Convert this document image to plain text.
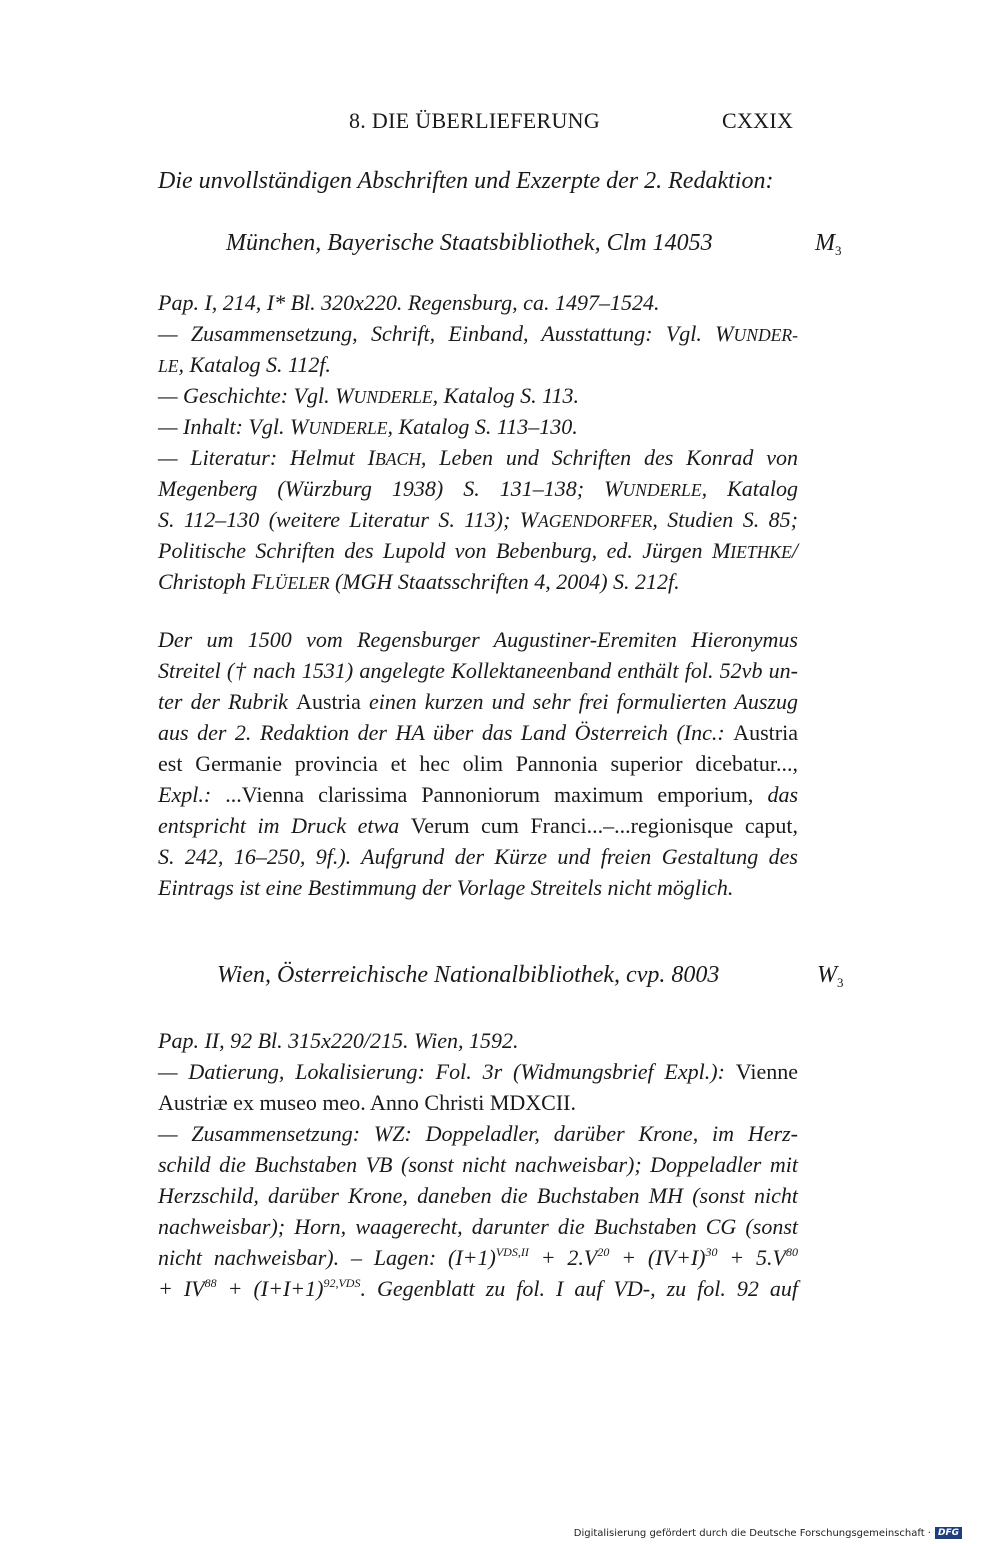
8. DIE ÜBERLIEFERUNG	CXXIX
Die unvollständigen Abschriften und Exzerpte der 2. Redaktion:
München, Bayerische Staatsbibliothek, Clm 14053	$M_3$
Pap. I, 214, I* Bl. 320x220. Regensburg, ca. 1497–1524.
— Zusammensetzung, Schrift, Einband, Ausstattung: Vgl. WUNDER-
LE, Katalog S. 112f.
— Geschichte: Vgl. WUNDERLE, Katalog S. 113.
— Inhalt: Vgl. WUNDERLE, Katalog S. 113–130.
— Literatur: Helmut IBACH, Leben und Schriften des Konrad von
Megenberg (Würzburg 1938) S. 131–138; WUNDERLE, Katalog
S. 112–130 (weitere Literatur S. 113); WAGENDORFER, Studien S. 85;
Politische Schriften des Lupold von Bebenburg, ed. Jürgen MIETHKE/
Christoph FLÜELER (MGH Staatsschriften 4, 2004) S. 212f.
Der um 1500 vom Regensburger Augustiner-Eremiten Hieronymus
Streitel († nach 1531) angelegte Kollektaneenband enthält fol. 52vb un-
ter der Rubrik Austria einen kurzen und sehr frei formulierten Auszug
aus der 2. Redaktion der HA über das Land Österreich (Inc.: Austria
est Germanie provincia et hec olim Pannonia superior dicebatur...,
Expl.: ...Vienna clarissima Pannoniorum maximum emporium, das
entspricht im Druck etwa Verum cum Franci...–...regionisque caput,
S. 242, 16–250, 9f.). Aufgrund der Kürze und freien Gestaltung des
Eintrags ist eine Bestimmung der Vorlage Streitels nicht möglich.
Wien, Österreichische Nationalbibliothek, cvp. 8003	$W_3$
Pap. II, 92 Bl. 315x220/215. Wien, 1592.
— Datierung, Lokalisierung: Fol. 3r (Widmungsbrief Expl.): Vienne
Austriæ ex museo meo. Anno Christi MDXCII.
— Zusammensetzung: WZ: Doppeladler, darüber Krone, im Herz-
schild die Buchstaben VB (sonst nicht nachweisbar); Doppeladler mit
Herzschild, darüber Krone, daneben die Buchstaben MH (sonst nicht
nachweisbar); Horn, waagerecht, darunter die Buchstaben CG (sonst
nicht nachweisbar). – Lagen: $(I+1)^{VDS,II} + 2.V^{20} + (IV+I)^{30} + 5.V^{80}$
+ $IV^{88} + (I+I+1)^{92,VDS}$. Gegenblatt zu fol. I auf VD-, zu fol. 92 auf
Digitalisierung gefördert durch die Deutsche Forschungsgemeinschaft · DFG
